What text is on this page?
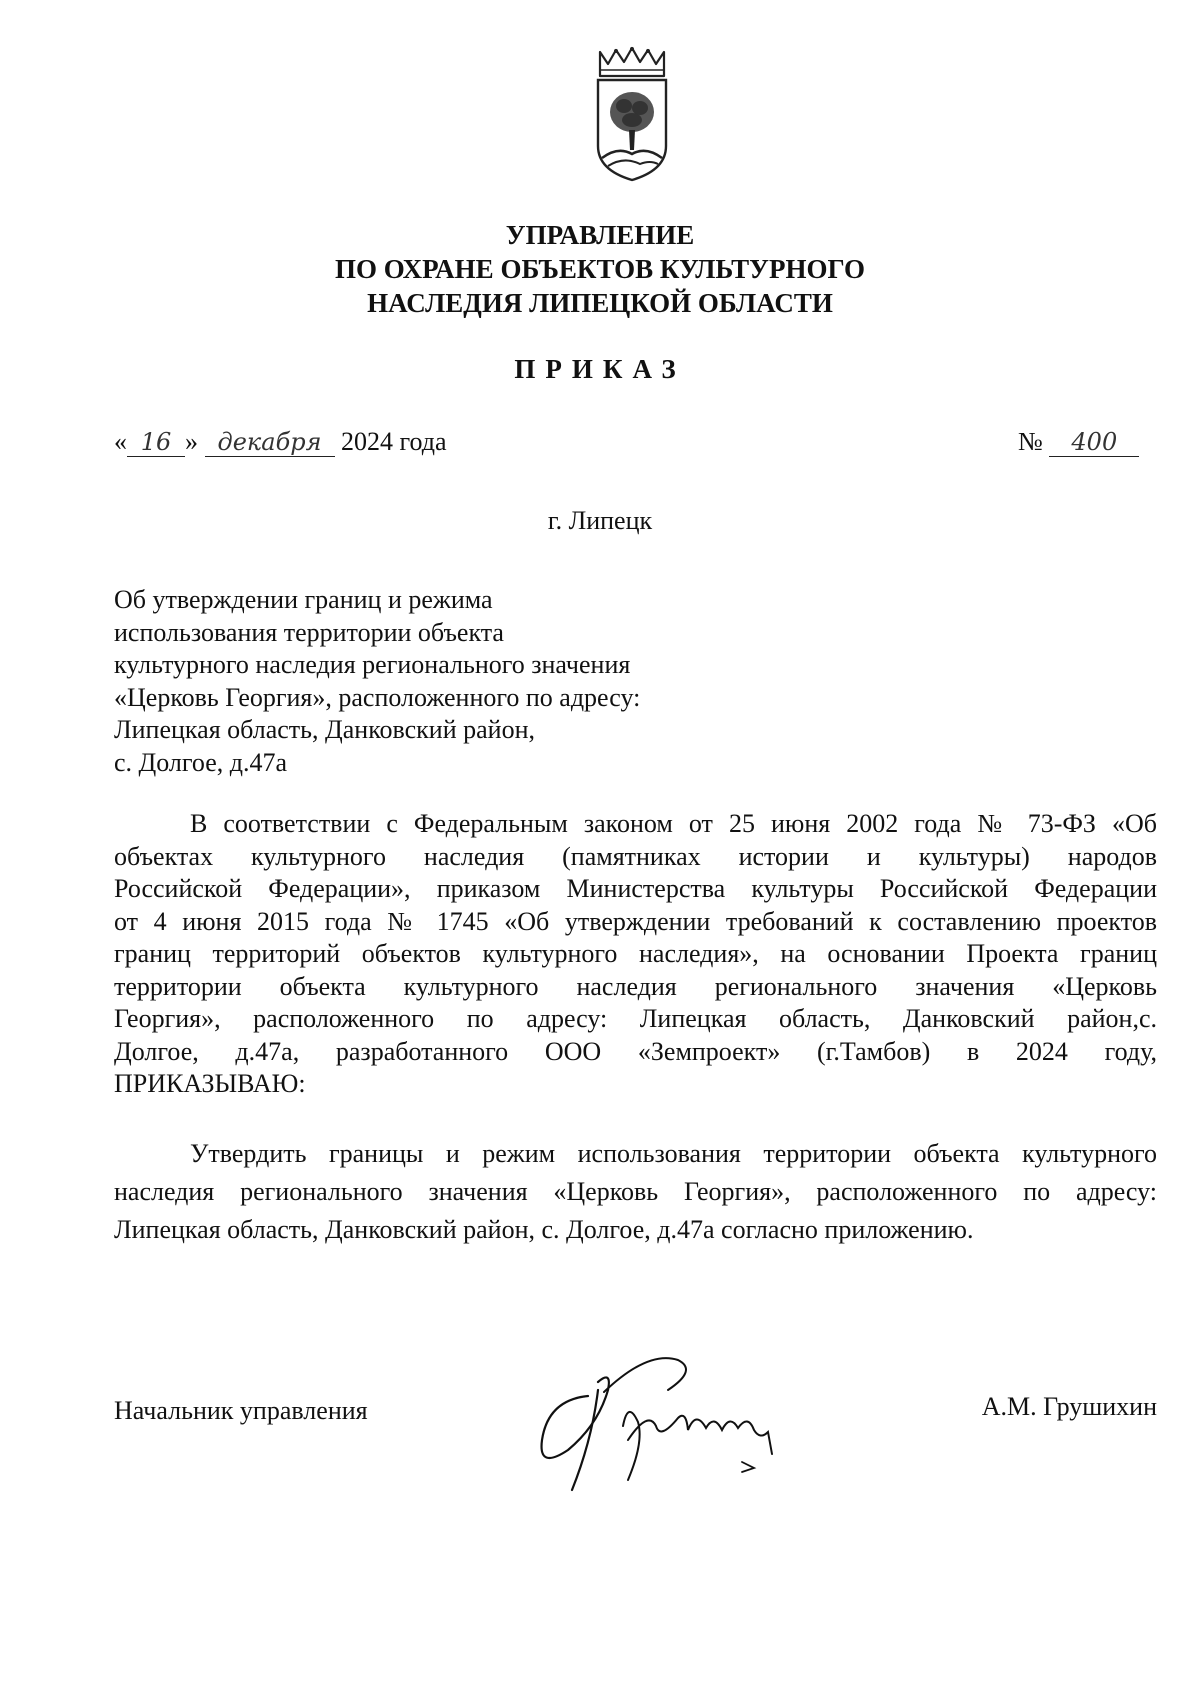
УПРАВЛЕНИЕ
ПО ОХРАНЕ ОБЪЕКТОВ КУЛЬТУРНОГО
НАСЛЕДИЯ ЛИПЕЦКОЙ ОБЛАСТИ
ПРИКАЗ
« 16 » декабря 2024 года	№ 400
г. Липецк
Об утверждении границ и режима
использования территории объекта
культурного наследия регионального значения
«Церковь Георгия», расположенного по адресу:
Липецкая область, Данковский район,
с. Долгое, д.47а
В соответствии с Федеральным законом от 25 июня 2002 года № 73-ФЗ «Об
объектах культурного наследия (памятниках истории и культуры) народов
Российской Федерации», приказом Министерства культуры Российской Федерации
от 4 июня 2015 года № 1745 «Об утверждении требований к составлению проектов
границ территорий объектов культурного наследия», на основании Проекта границ
территории объекта культурного наследия регионального значения «Церковь
Георгия», расположенного по адресу: Липецкая область, Данковский район,с.
Долгое, д.47а, разработанного ООО «Земпроект» (г.Тамбов) в 2024 году,
ПРИКАЗЫВАЮ:
Утвердить границы и режим использования территории объекта культурного
наследия регионального значения «Церковь Георгия», расположенного по адресу:
Липецкая область, Данковский район, с. Долгое, д.47а согласно приложению.
Начальник управления	А.М. Грушихин
